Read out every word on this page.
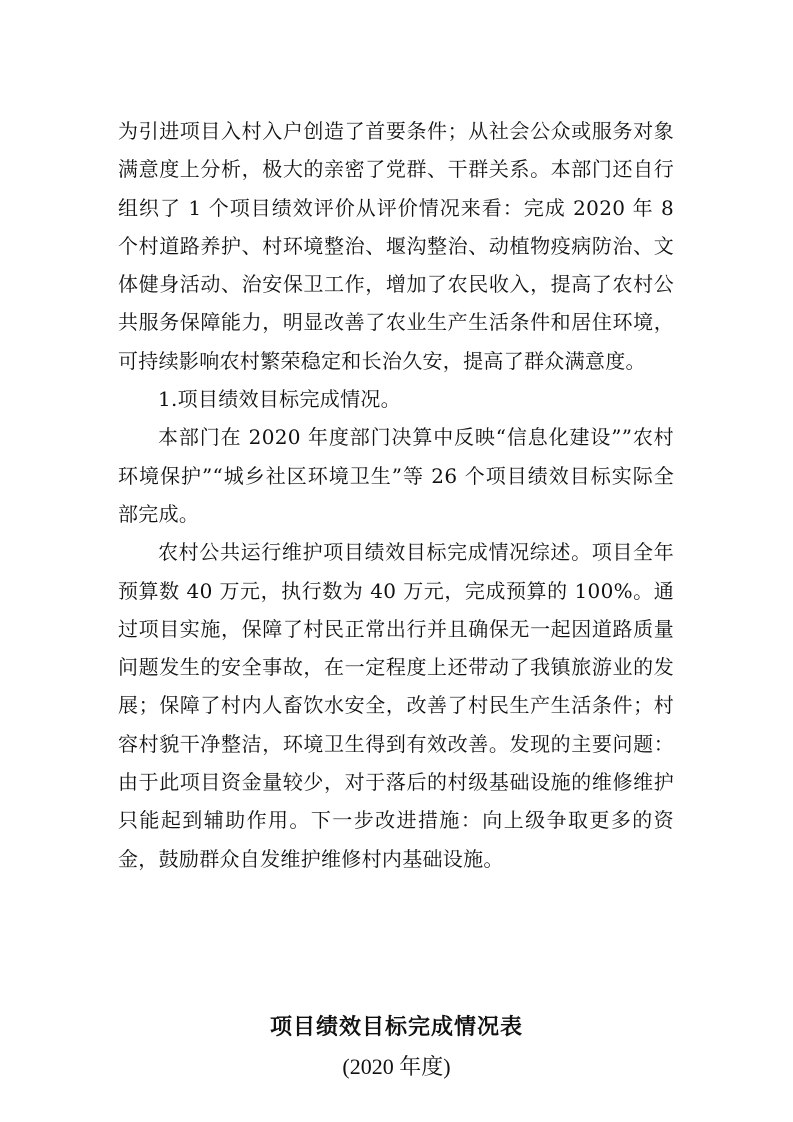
为引进项目入村入户创造了首要条件；从社会公众或服务对象满意度上分析，极大的亲密了党群、干群关系。本部门还自行组织了 1 个项目绩效评价从评价情况来看：完成 2020 年 8 个村道路养护、村环境整治、堰沟整治、动植物疫病防治、文体健身活动、治安保卫工作，增加了农民收入，提高了农村公共服务保障能力，明显改善了农业生产生活条件和居住环境，可持续影响农村繁荣稳定和长治久安，提高了群众满意度。

1.项目绩效目标完成情况。

本部门在 2020 年度部门决算中反映“信息化建设””农村环境保护”“城乡社区环境卫生”等 26 个项目绩效目标实际全部完成。

农村公共运行维护项目绩效目标完成情况综述。项目全年预算数 40 万元，执行数为 40 万元，完成预算的 100%。通过项目实施，保障了村民正常出行并且确保无一起因道路质量问题发生的安全事故，在一定程度上还带动了我镇旅游业的发展；保障了村内人畜饮水安全，改善了村民生产生活条件；村容村貌干净整洁，环境卫生得到有效改善。发现的主要问题：由于此项目资金量较少，对于落后的村级基础设施的维修维护只能起到辅助作用。下一步改进措施：向上级争取更多的资金，鼓励群众自发维护维修村内基础设施。

项目绩效目标完成情况表
(2020 年度)
